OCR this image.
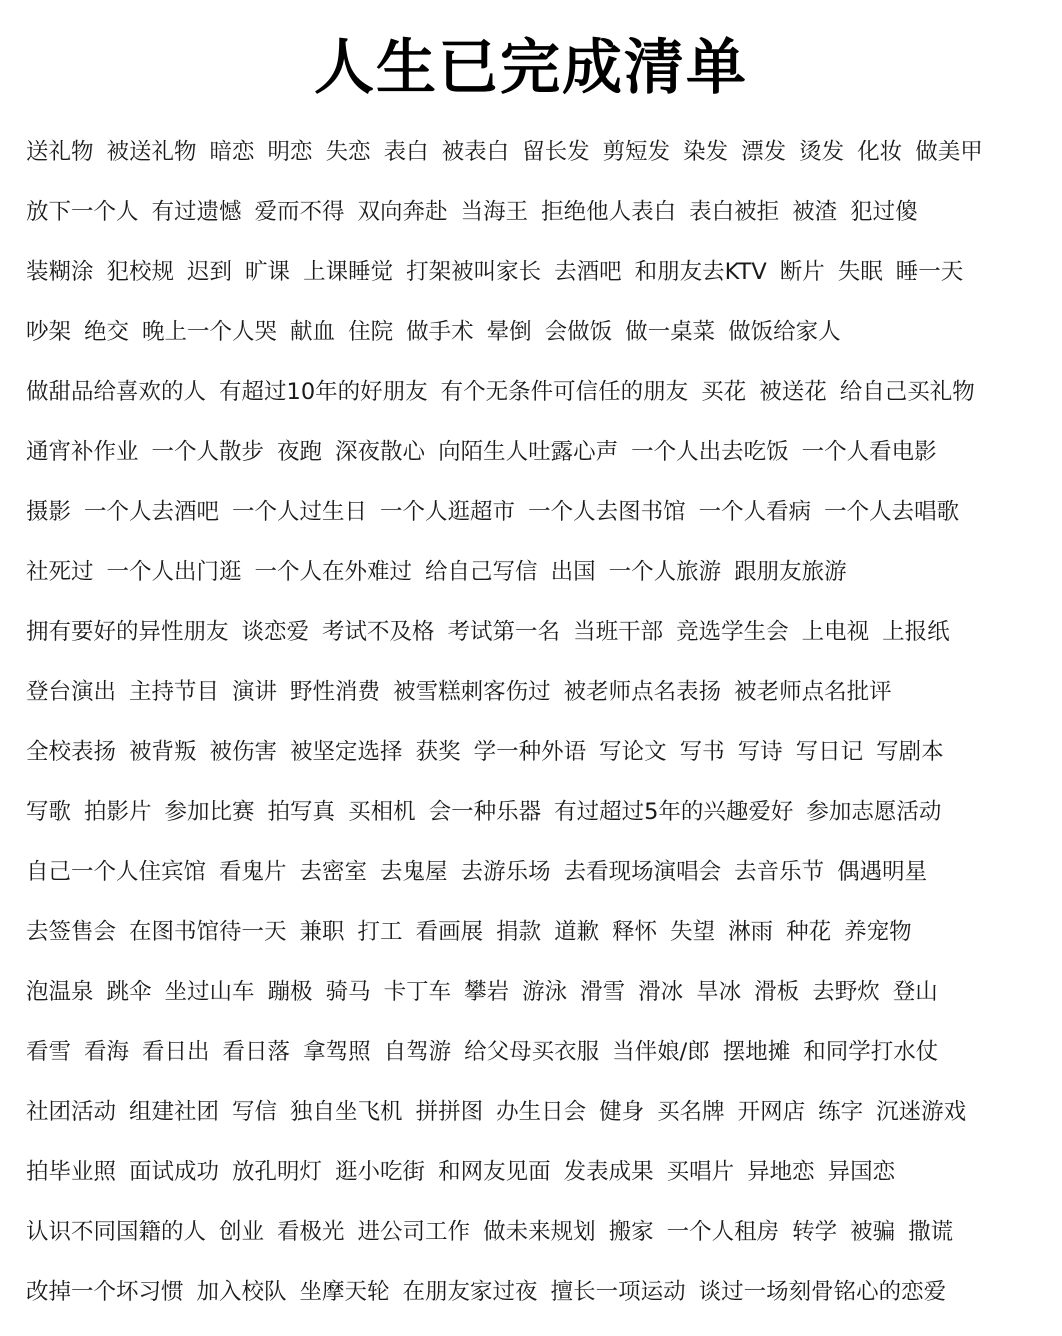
人生已完成清单
送礼物 被送礼物 暗恋 明恋 失恋 表白 被表白 留长发 剪短发 染发 漂发 烫发 化妆 做美甲
放下一个人 有过遗憾 爱而不得 双向奔赴 当海王 拒绝他人表白 表白被拒 被渣 犯过傻
装糊涂 犯校规 迟到 旷课 上课睡觉 打架被叫家长 去酒吧 和朋友去KTV 断片 失眠 睡一天
吵架 绝交 晚上一个人哭 献血 住院 做手术 晕倒 会做饭 做一桌菜 做饭给家人
做甜品给喜欢的人 有超过10年的好朋友 有个无条件可信任的朋友 买花 被送花 给自己买礼物
通宵补作业 一个人散步 夜跑 深夜散心 向陌生人吐露心声 一个人出去吃饭 一个人看电影
摄影 一个人去酒吧 一个人过生日 一个人逛超市 一个人去图书馆 一个人看病 一个人去唱歌
社死过 一个人出门逛 一个人在外难过 给自己写信 出国 一个人旅游 跟朋友旅游
拥有要好的异性朋友 谈恋爱 考试不及格 考试第一名 当班干部 竞选学生会 上电视 上报纸
登台演出 主持节目 演讲 野性消费 被雪糕刺客伤过 被老师点名表扬 被老师点名批评
全校表扬 被背叛 被伤害 被坚定选择 获奖 学一种外语 写论文 写书 写诗 写日记 写剧本
写歌 拍影片 参加比赛 拍写真 买相机 会一种乐器 有过超过5年的兴趣爱好 参加志愿活动
自己一个人住宾馆 看鬼片 去密室 去鬼屋 去游乐场 去看现场演唱会 去音乐节 偶遇明星
去签售会 在图书馆待一天 兼职 打工 看画展 捐款 道歉 释怀 失望 淋雨 种花 养宠物
泡温泉 跳伞 坐过山车 蹦极 骑马 卡丁车 攀岩 游泳 滑雪 滑冰 旱冰 滑板 去野炊 登山
看雪 看海 看日出 看日落 拿驾照 自驾游 给父母买衣服 当伴娘/郎 摆地摊 和同学打水仗
社团活动 组建社团 写信 独自坐飞机 拼拼图 办生日会 健身 买名牌 开网店 练字 沉迷游戏
拍毕业照 面试成功 放孔明灯 逛小吃街 和网友见面 发表成果 买唱片 异地恋 异国恋
认识不同国籍的人 创业 看极光 进公司工作 做未来规划 搬家 一个人租房 转学 被骗 撒谎
改掉一个坏习惯 加入校队 坐摩天轮 在朋友家过夜 擅长一项运动 谈过一场刻骨铭心的恋爱
